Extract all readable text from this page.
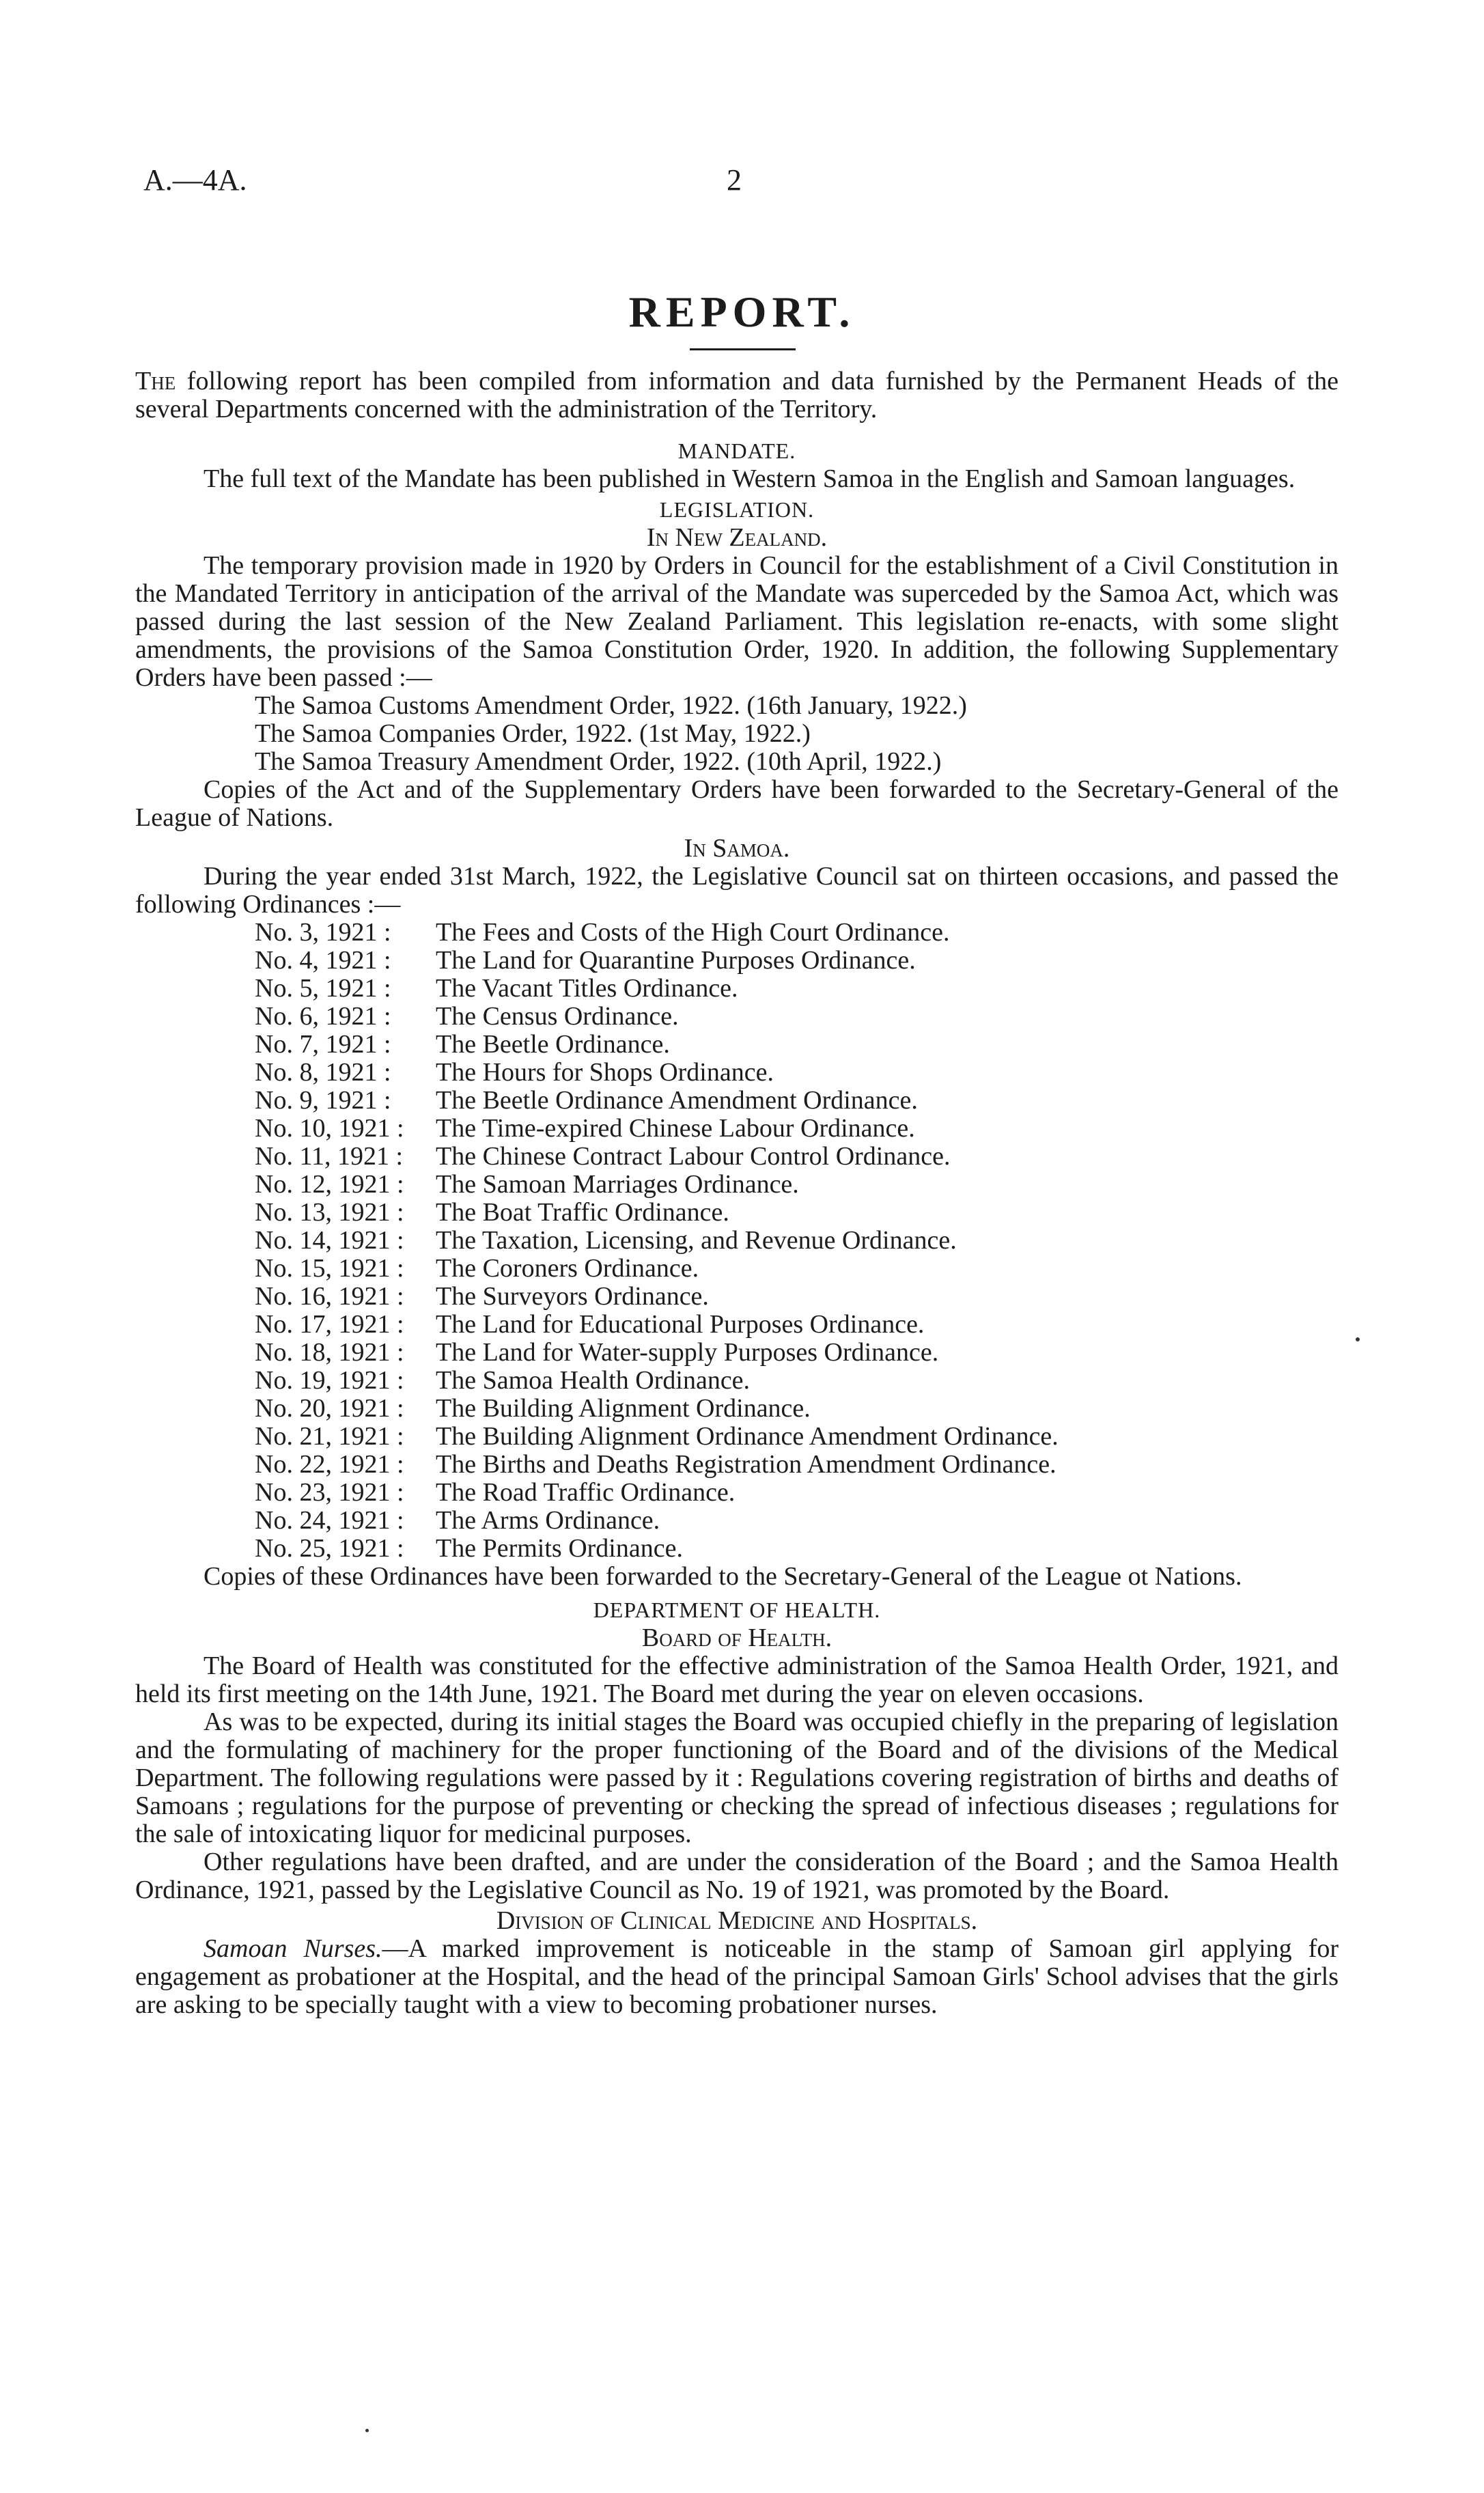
A.—4A.	2
REPORT.

The following report has been compiled from information and data furnished by the Permanent Heads of the several Departments concerned with the administration of the Territory.

MANDATE.

The full text of the Mandate has been published in Western Samoa in the English and Samoan languages.

LEGISLATION.

In New Zealand.

The temporary provision made in 1920 by Orders in Council for the establishment of a Civil Constitution in the Mandated Territory in anticipation of the arrival of the Mandate was superceded by the Samoa Act, which was passed during the last session of the New Zealand Parliament. This legislation re-enacts, with some slight amendments, the provisions of the Samoa Constitution Order, 1920. In addition, the following Supplementary Orders have been passed :—

The Samoa Customs Amendment Order, 1922. (16th January, 1922.)
The Samoa Companies Order, 1922. (1st May, 1922.)
The Samoa Treasury Amendment Order, 1922. (10th April, 1922.)

Copies of the Act and of the Supplementary Orders have been forwarded to the Secretary-General of the League of Nations.

In Samoa.

During the year ended 31st March, 1922, the Legislative Council sat on thirteen occasions, and passed the following Ordinances :—

No. 3, 1921 :	The Fees and Costs of the High Court Ordinance.
No. 4, 1921 :	The Land for Quarantine Purposes Ordinance.
No. 5, 1921 :	The Vacant Titles Ordinance.
No. 6, 1921 :	The Census Ordinance.
No. 7, 1921 :	The Beetle Ordinance.
No. 8, 1921 :	The Hours for Shops Ordinance.
No. 9, 1921 :	The Beetle Ordinance Amendment Ordinance.
No. 10, 1921 :	The Time-expired Chinese Labour Ordinance.
No. 11, 1921 :	The Chinese Contract Labour Control Ordinance.
No. 12, 1921 :	The Samoan Marriages Ordinance.
No. 13, 1921 :	The Boat Traffic Ordinance.
No. 14, 1921 :	The Taxation, Licensing, and Revenue Ordinance.
No. 15, 1921 :	The Coroners Ordinance.
No. 16, 1921 :	The Surveyors Ordinance.
No. 17, 1921 :	The Land for Educational Purposes Ordinance.
No. 18, 1921 :	The Land for Water-supply Purposes Ordinance.
No. 19, 1921 :	The Samoa Health Ordinance.
No. 20, 1921 :	The Building Alignment Ordinance.
No. 21, 1921 :	The Building Alignment Ordinance Amendment Ordinance.
No. 22, 1921 :	The Births and Deaths Registration Amendment Ordinance.
No. 23, 1921 :	The Road Traffic Ordinance.
No. 24, 1921 :	The Arms Ordinance.
No. 25, 1921 :	The Permits Ordinance.

Copies of these Ordinances have been forwarded to the Secretary-General of the League ot Nations.

DEPARTMENT OF HEALTH.

Board of Health.

The Board of Health was constituted for the effective administration of the Samoa Health Order, 1921, and held its first meeting on the 14th June, 1921. The Board met during the year on eleven occasions.

As was to be expected, during its initial stages the Board was occupied chiefly in the preparing of legislation and the formulating of machinery for the proper functioning of the Board and of the divisions of the Medical Department. The following regulations were passed by it : Regulations covering registration of births and deaths of Samoans ; regulations for the purpose of preventing or checking the spread of infectious diseases ; regulations for the sale of intoxicating liquor for medicinal purposes.

Other regulations have been drafted, and are under the consideration of the Board ; and the Samoa Health Ordinance, 1921, passed by the Legislative Council as No. 19 of 1921, was promoted by the Board.

Division of Clinical Medicine and Hospitals.

Samoan Nurses.—A marked improvement is noticeable in the stamp of Samoan girl applying for engagement as probationer at the Hospital, and the head of the principal Samoan Girls' School advises that the girls are asking to be specially taught with a view to becoming probationer nurses.
